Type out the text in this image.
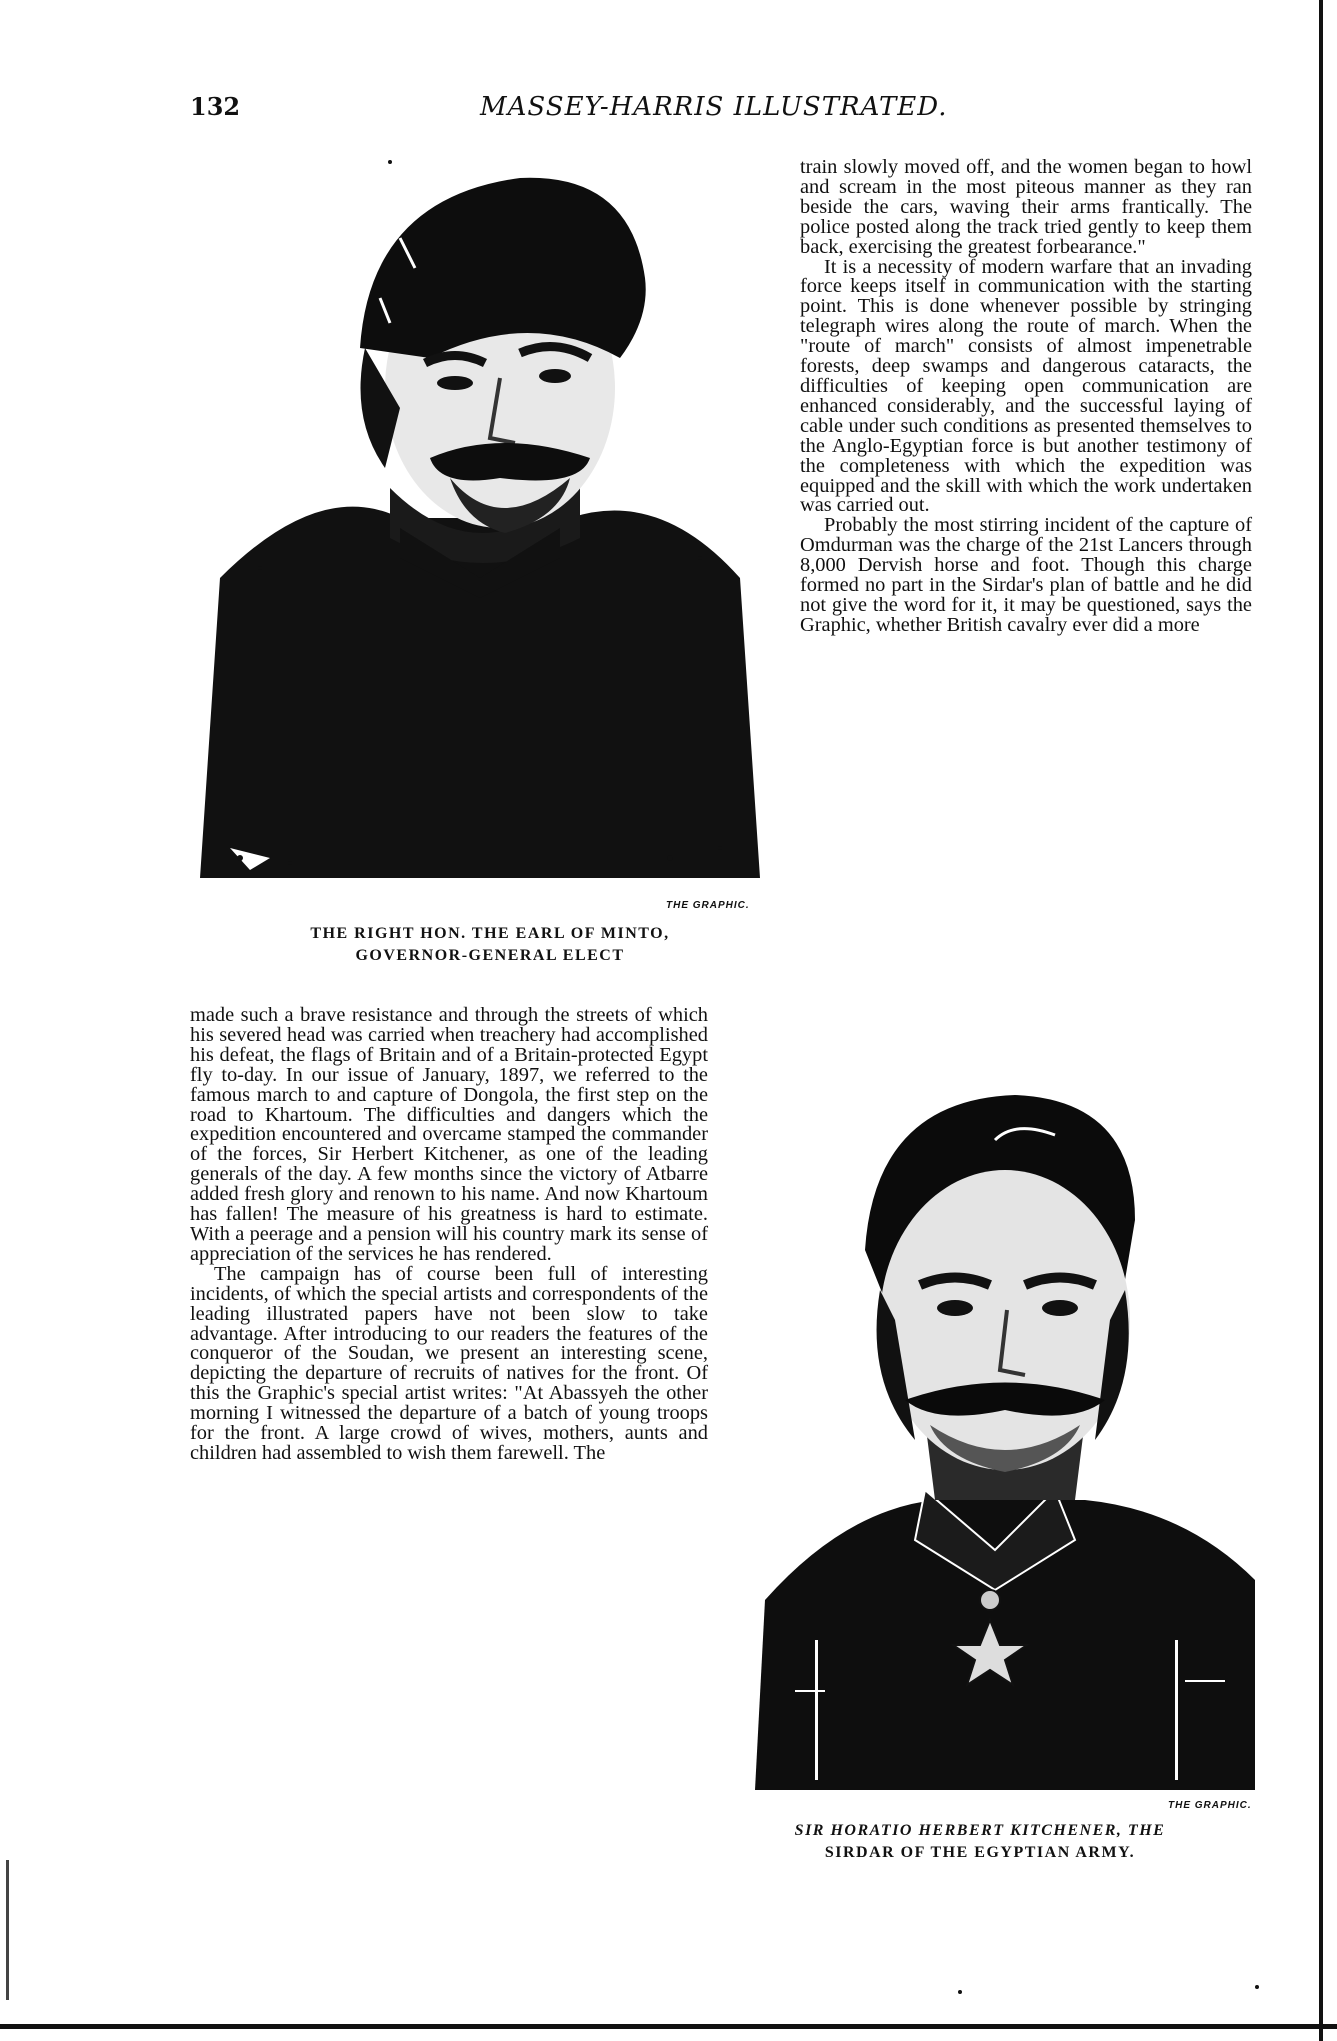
132	MASSEY-HARRIS ILLUSTRATED.
THE GRAPHIC.
THE RIGHT HON. THE EARL OF MINTO,
GOVERNOR-GENERAL ELECT

train slowly moved off, and the women began to howl and scream in the most piteous manner as they ran beside the cars, waving their arms frantically. The police posted along the track tried gently to keep them back, exercising the greatest forbearance."

It is a necessity of modern warfare that an invading force keeps itself in communication with the starting point. This is done whenever possible by stringing telegraph wires along the route of march. When the "route of march" consists of almost impenetrable forests, deep swamps and dangerous cataracts, the difficulties of keeping open communication are enhanced considerably, and the successful laying of cable under such conditions as presented themselves to the Anglo-Egyptian force is but another testimony of the completeness with which the expedition was equipped and the skill with which the work undertaken was carried out.

Probably the most stirring incident of the capture of Omdurman was the charge of the 21st Lancers through 8,000 Dervish horse and foot. Though this charge formed no part in the Sirdar's plan of battle and he did not give the word for it, it may be questioned, says the Graphic, whether British cavalry ever did a more

made such a brave resistance and through the streets of which his severed head was carried when treachery had accomplished his defeat, the flags of Britain and of a Britain-protected Egypt fly to-day. In our issue of January, 1897, we referred to the famous march to and capture of Dongola, the first step on the road to Khartoum. The difficulties and dangers which the expedition encountered and overcame stamped the commander of the forces, Sir Herbert Kitchener, as one of the leading generals of the day. A few months since the victory of Atbarre added fresh glory and renown to his name. And now Khartoum has fallen! The measure of his greatness is hard to estimate. With a peerage and a pension will his country mark its sense of appreciation of the services he has rendered.

The campaign has of course been full of interesting incidents, of which the special artists and correspondents of the leading illustrated papers have not been slow to take advantage. After introducing to our readers the features of the conqueror of the Soudan, we present an interesting scene, depicting the departure of recruits of natives for the front. Of this the Graphic's special artist writes: "At Abassyeh the other morning I witnessed the departure of a batch of young troops for the front. A large crowd of wives, mothers, aunts and children had assembled to wish them farewell. The

THE GRAPHIC.
SIR HORATIO HERBERT KITCHENER, THE
SIRDAR OF THE EGYPTIAN ARMY.
